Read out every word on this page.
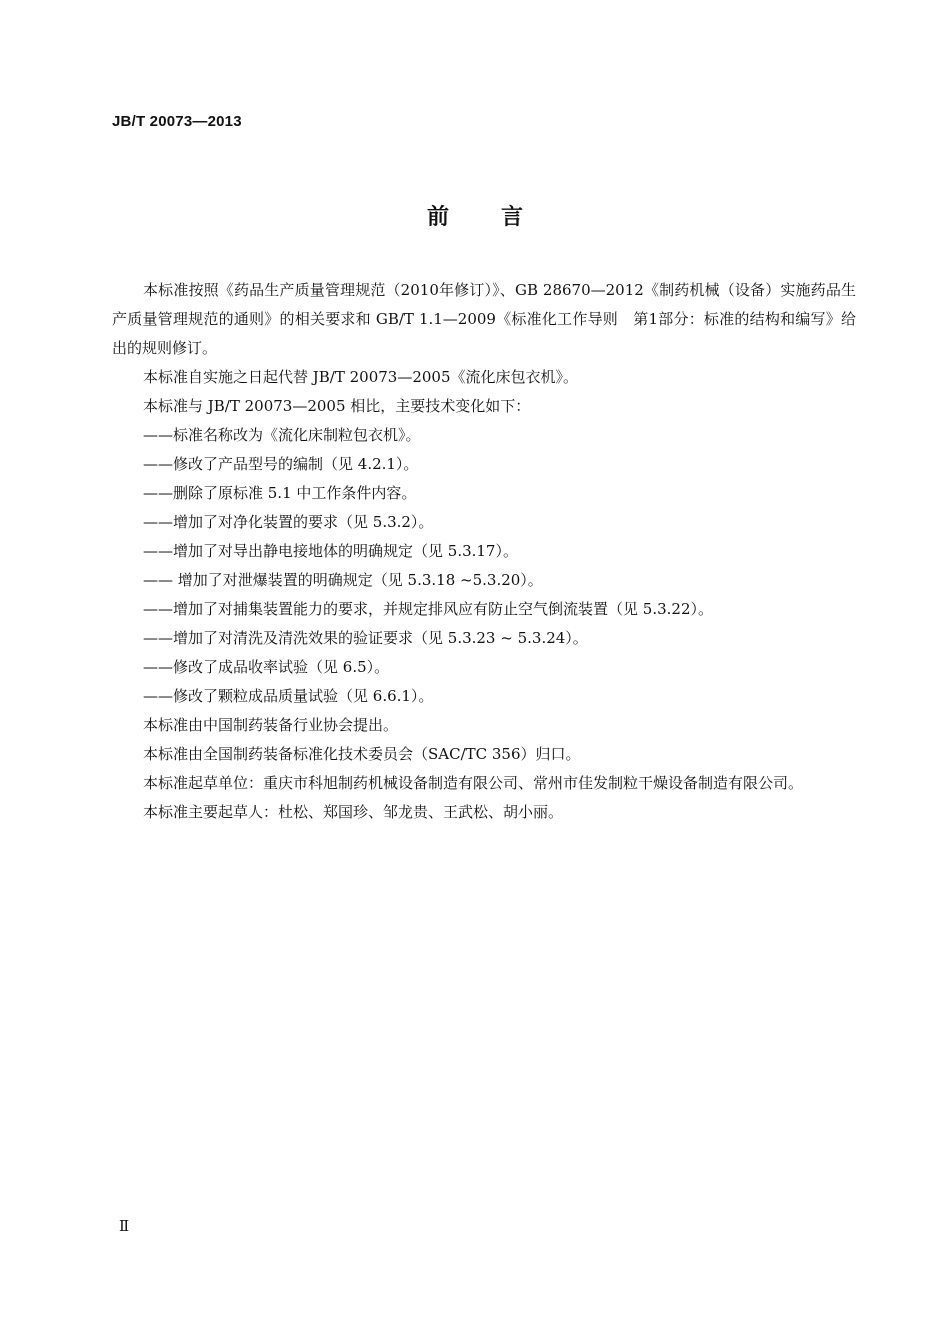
JB/T 20073—2013
前 言

本标准按照《药品生产质量管理规范（2010年修订）》、GB 28670—2012《制药机械（设备）实施药品生产质量管理规范的通则》的相关要求和 GB/T 1.1—2009《标准化工作导则　第1部分：标准的结构和编写》给出的规则修订。

本标准自实施之日起代替 JB/T 20073—2005《流化床包衣机》。

本标准与 JB/T 20073—2005 相比，主要技术变化如下：

——标准名称改为《流化床制粒包衣机》。

——修改了产品型号的编制（见 4.2.1）。

——删除了原标准 5.1 中工作条件内容。

——增加了对净化装置的要求（见 5.3.2）。

——增加了对导出静电接地体的明确规定（见 5.3.17）。

—— 增加了对泄爆装置的明确规定（见 5.3.18 ~5.3.20）。

——增加了对捕集装置能力的要求，并规定排风应有防止空气倒流装置（见 5.3.22）。

——增加了对清洗及清洗效果的验证要求（见 5.3.23 ~ 5.3.24）。

——修改了成品收率试验（见 6.5）。

——修改了颗粒成品质量试验（见 6.6.1）。

本标准由中国制药装备行业协会提出。

本标准由全国制药装备标准化技术委员会（SAC/TC 356）归口。

本标准起草单位：重庆市科旭制药机械设备制造有限公司、常州市佳发制粒干燥设备制造有限公司。

本标准主要起草人：杜松、郑国珍、邹龙贵、王武松、胡小丽。

Ⅱ
